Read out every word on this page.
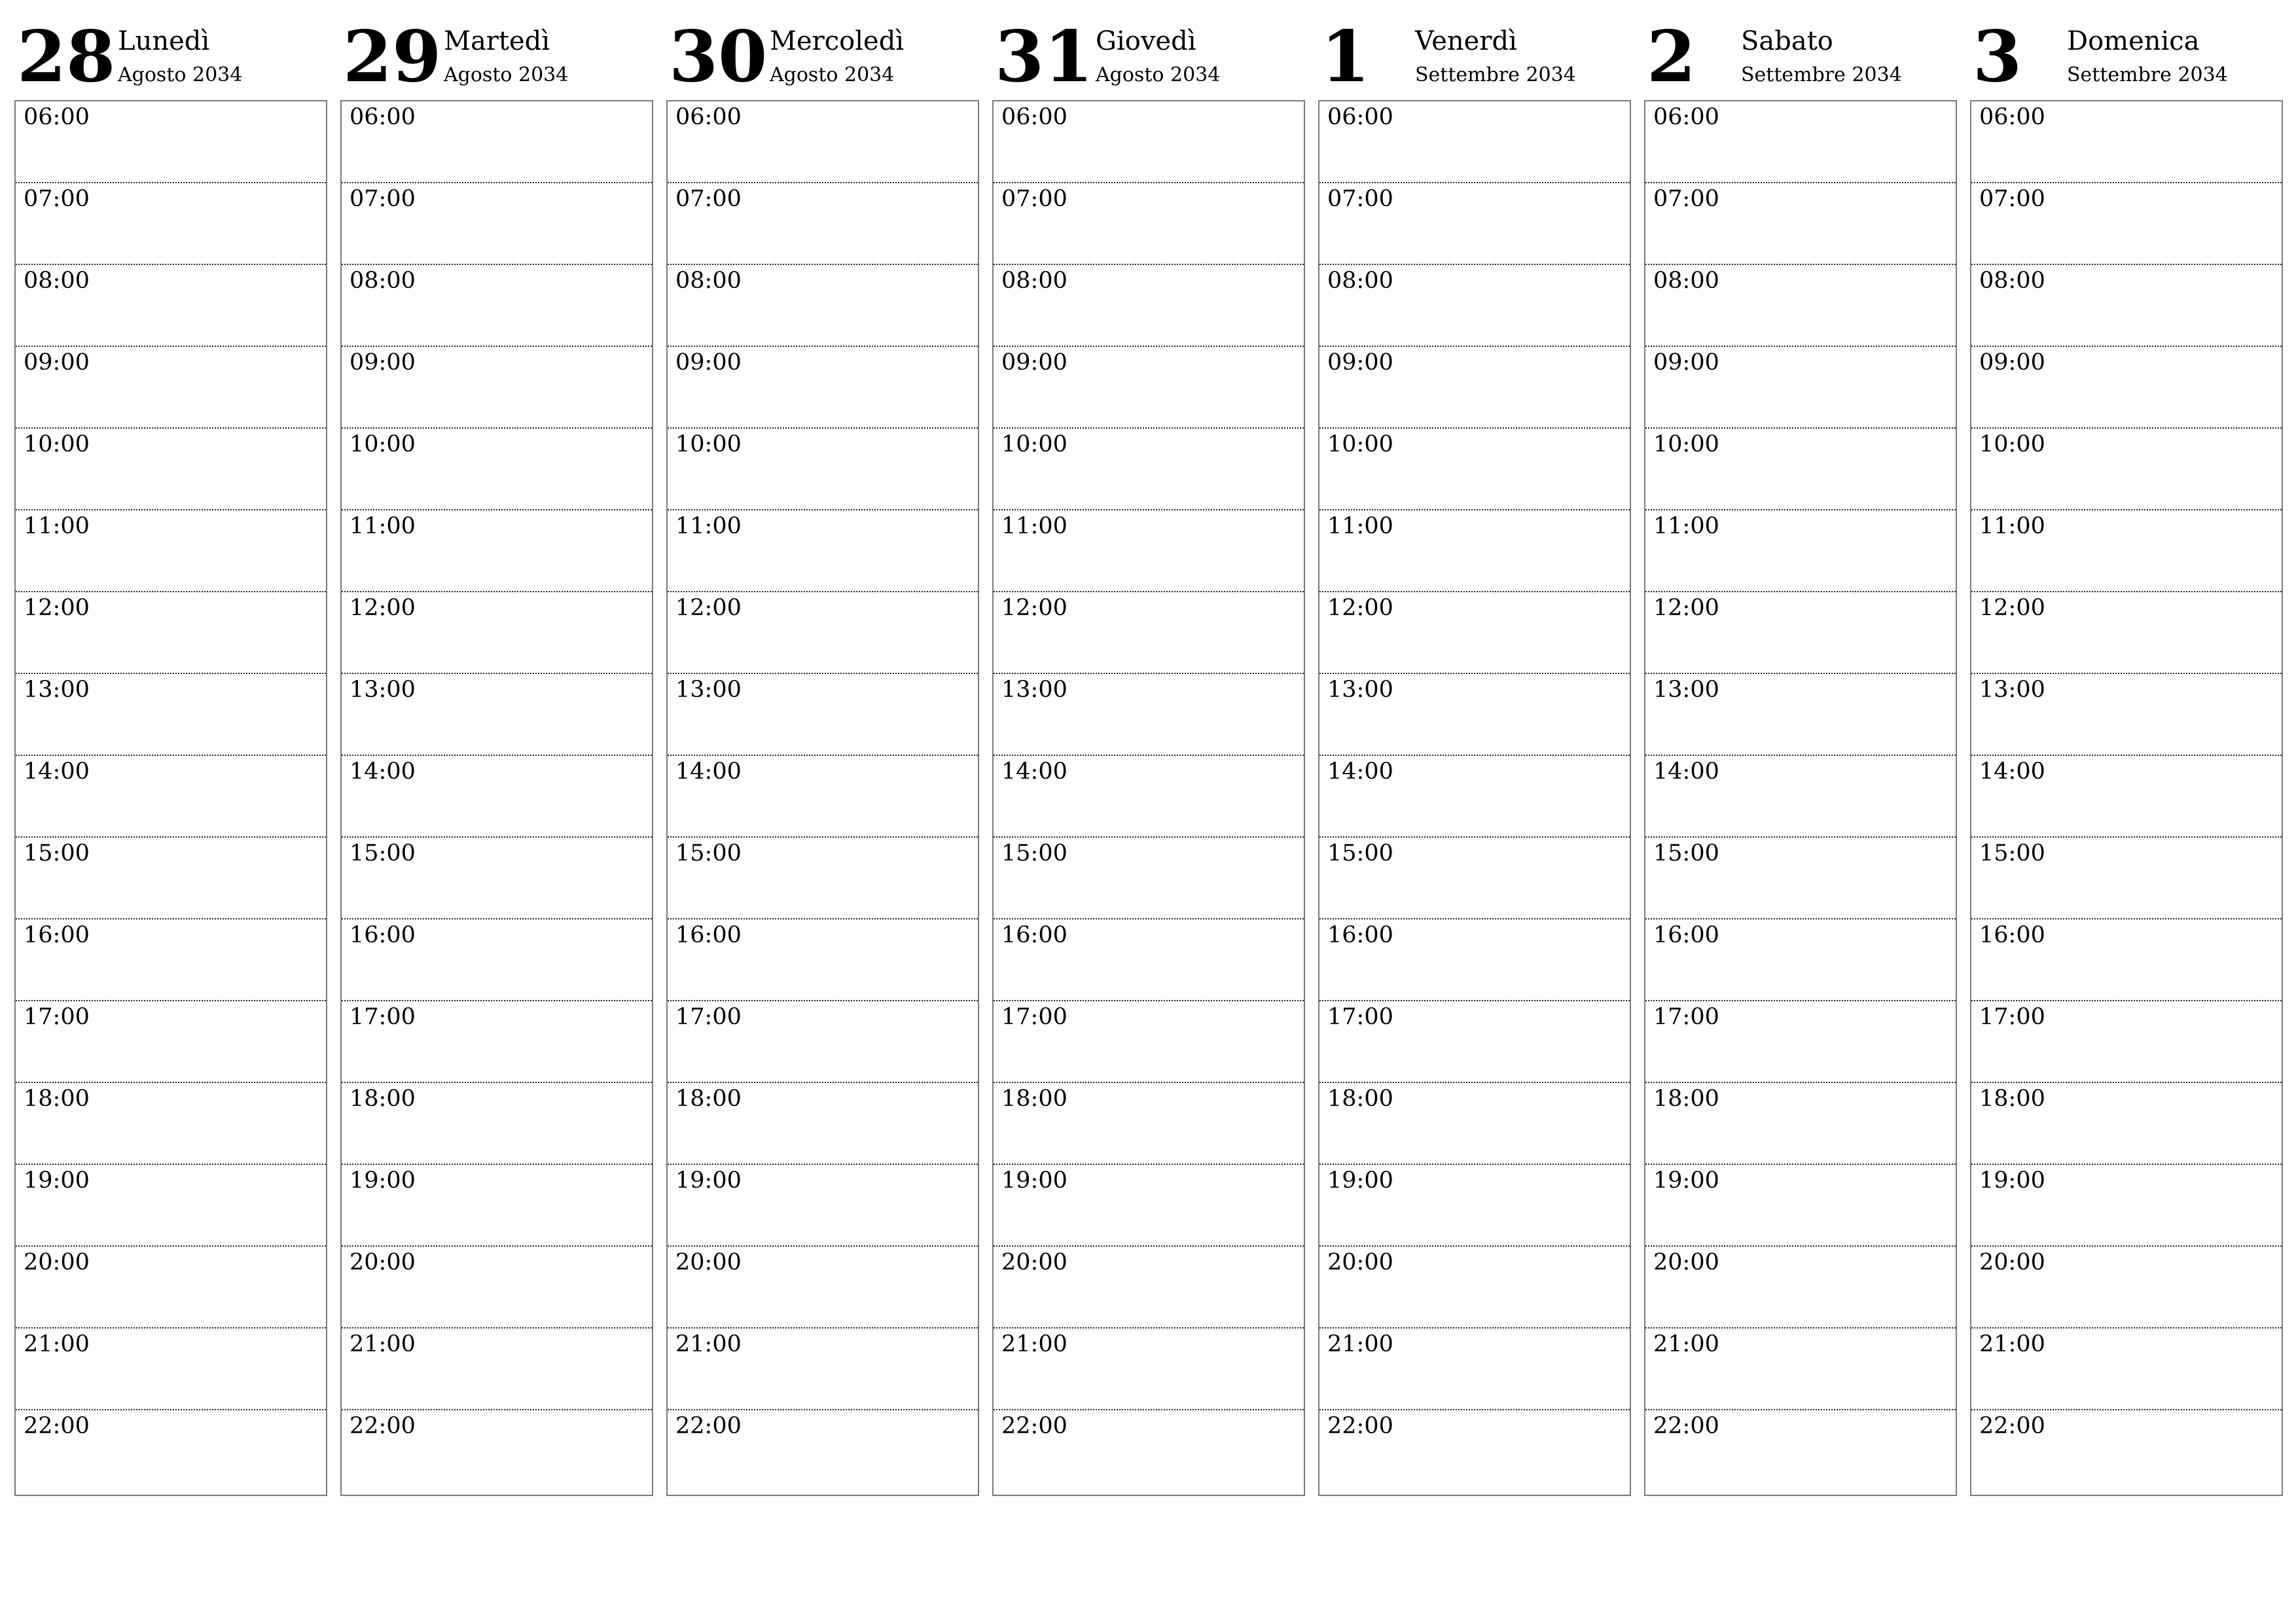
28 Lunedì
Agosto 2034
06:00
07:00
08:00
09:00
10:00
11:00
12:00
13:00
14:00
15:00
16:00
17:00
18:00
19:00
20:00
21:00
22:00
29 Martedì
Agosto 2034
06:00
07:00
08:00
09:00
10:00
11:00
12:00
13:00
14:00
15:00
16:00
17:00
18:00
19:00
20:00
21:00
22:00
30 Mercoledì
Agosto 2034
06:00
07:00
08:00
09:00
10:00
11:00
12:00
13:00
14:00
15:00
16:00
17:00
18:00
19:00
20:00
21:00
22:00
31 Giovedì
Agosto 2034
06:00
07:00
08:00
09:00
10:00
11:00
12:00
13:00
14:00
15:00
16:00
17:00
18:00
19:00
20:00
21:00
22:00
1 Venerdì
Settembre 2034
06:00
07:00
08:00
09:00
10:00
11:00
12:00
13:00
14:00
15:00
16:00
17:00
18:00
19:00
20:00
21:00
22:00
2 Sabato
Settembre 2034
06:00
07:00
08:00
09:00
10:00
11:00
12:00
13:00
14:00
15:00
16:00
17:00
18:00
19:00
20:00
21:00
22:00
3 Domenica
Settembre 2034
06:00
07:00
08:00
09:00
10:00
11:00
12:00
13:00
14:00
15:00
16:00
17:00
18:00
19:00
20:00
21:00
22:00
